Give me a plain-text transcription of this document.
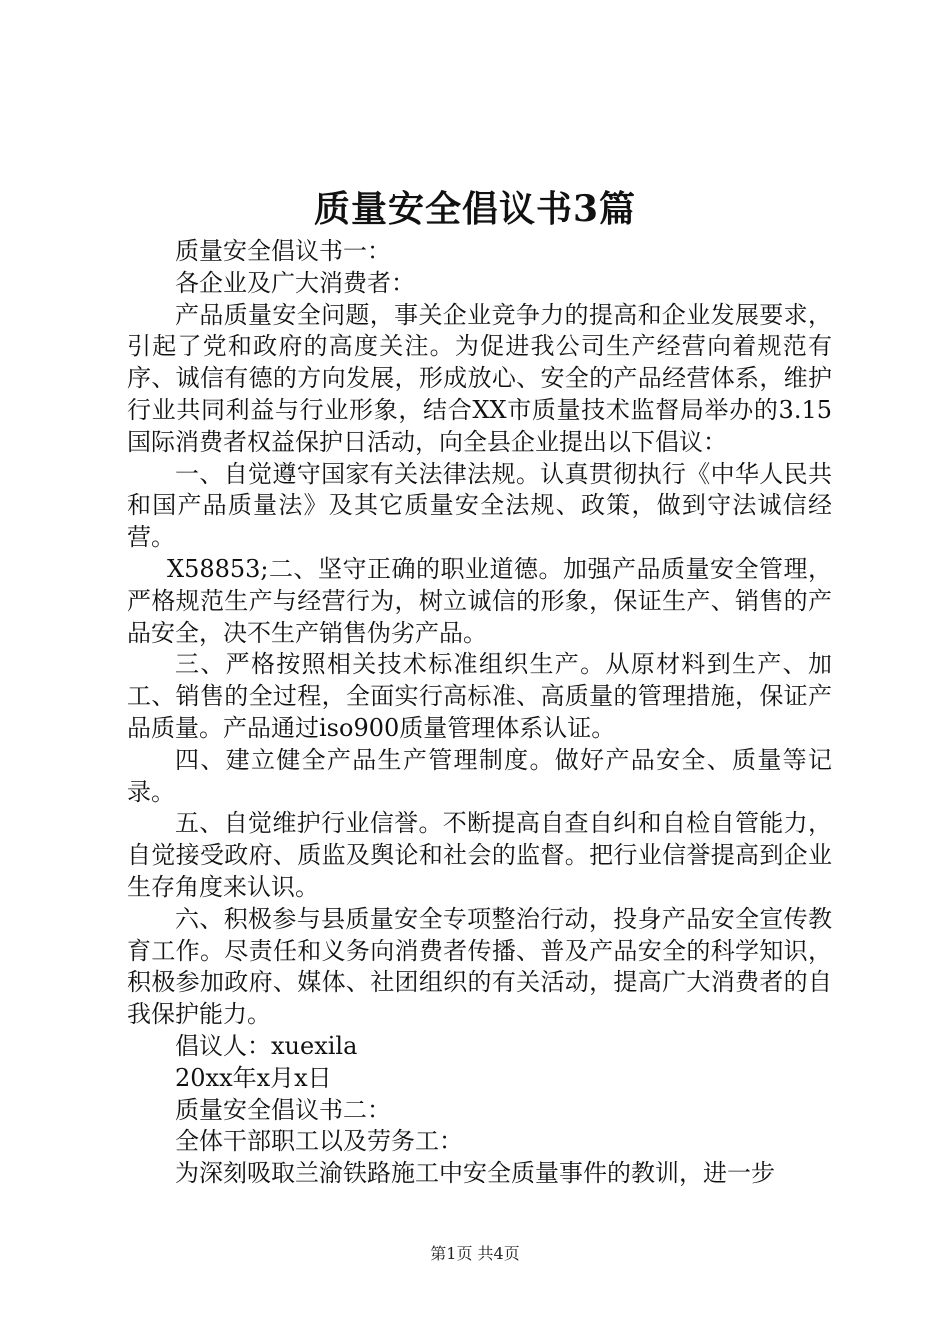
质量安全倡议书3篇

质量安全倡议书一：

各企业及广大消费者：

产品质量安全问题，事关企业竞争力的提高和企业发展要求，引起了党和政府的高度关注。为促进我公司生产经营向着规范有序、诚信有德的方向发展，形成放心、安全的产品经营体系，维护行业共同利益与行业形象，结合XX市质量技术监督局举办的3.15国际消费者权益保护日活动，向全县企业提出以下倡议：

一、自觉遵守国家有关法律法规。认真贯彻执行《中华人民共和国产品质量法》及其它质量安全法规、政策，做到守法诚信经营。

X58853;二、坚守正确的职业道德。加强产品质量安全管理，严格规范生产与经营行为，树立诚信的形象，保证生产、销售的产品安全，决不生产销售伪劣产品。

三、严格按照相关技术标准组织生产。从原材料到生产、加工、销售的全过程，全面实行高标准、高质量的管理措施，保证产品质量。产品通过iso900质量管理体系认证。

四、建立健全产品生产管理制度。做好产品安全、质量等记录。

五、自觉维护行业信誉。不断提高自查自纠和自检自管能力，自觉接受政府、质监及舆论和社会的监督。把行业信誉提高到企业生存角度来认识。

六、积极参与县质量安全专项整治行动，投身产品安全宣传教育工作。尽责任和义务向消费者传播、普及产品安全的科学知识，积极参加政府、媒体、社团组织的有关活动，提高广大消费者的自我保护能力。

倡议人：xuexila

20xx年x月x日

质量安全倡议书二：

全体干部职工以及劳务工：

为深刻吸取兰渝铁路施工中安全质量事件的教训，进一步

第1页 共4页
